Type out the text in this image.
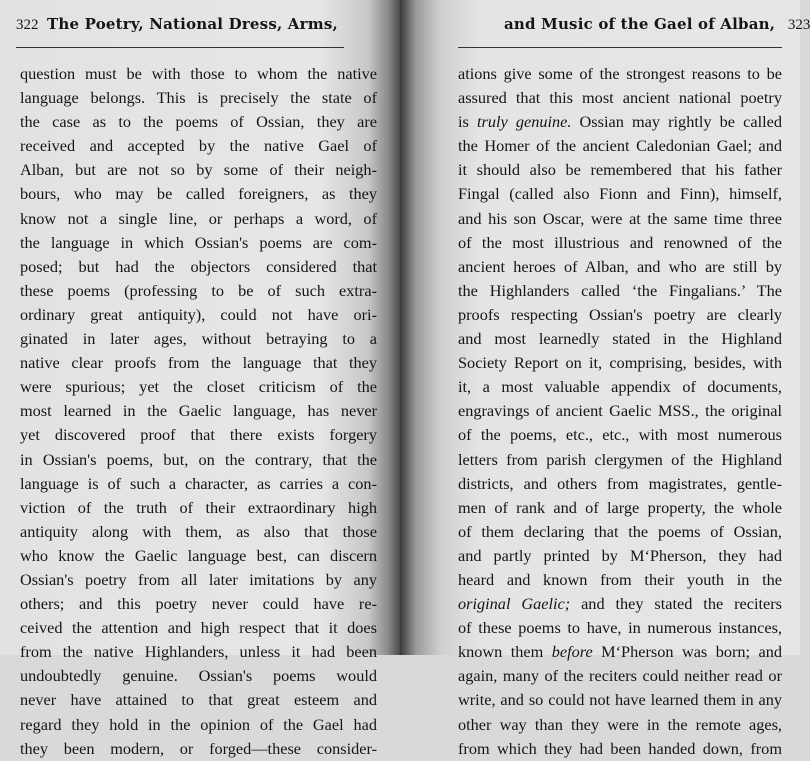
322 The Poetry, National Dress, Arms,
question must be with those to whom the native
language belongs. This is precisely the state of
the case as to the poems of Ossian, they are
received and accepted by the native Gael of
Alban, but are not so by some of their neigh-
bours, who may be called foreigners, as they
know not a single line, or perhaps a word, of
the language in which Ossian's poems are com-
posed; but had the objectors considered that
these poems (professing to be of such extra-
ordinary great antiquity), could not have ori-
ginated in later ages, without betraying to a
native clear proofs from the language that they
were spurious; yet the closet criticism of the
most learned in the Gaelic language, has never
yet discovered proof that there exists forgery
in Ossian's poems, but, on the contrary, that the
language is of such a character, as carries a con-
viction of the truth of their extraordinary high
antiquity along with them, as also that those
who know the Gaelic language best, can discern
Ossian's poetry from all later imitations by any
others; and this poetry never could have re-
ceived the attention and high respect that it does
from the native Highlanders, unless it had been
undoubtedly genuine. Ossian's poems would
never have attained to that great esteem and
regard they hold in the opinion of the Gael had
they been modern, or forged—these consider-
and Music of the Gael of Alban, 323
ations give some of the strongest reasons to be
assured that this most ancient national poetry
is truly genuine. Ossian may rightly be called
the Homer of the ancient Caledonian Gael; and
it should also be remembered that his father
Fingal (called also Fionn and Finn), himself,
and his son Oscar, were at the same time three
of the most illustrious and renowned of the
ancient heroes of Alban, and who are still by
the Highlanders called ‘the Fingalians.’ The
proofs respecting Ossian's poetry are clearly
and most learnedly stated in the Highland
Society Report on it, comprising, besides, with
it, a most valuable appendix of documents,
engravings of ancient Gaelic MSS., the original
of the poems, etc., etc., with most numerous
letters from parish clergymen of the Highland
districts, and others from magistrates, gentle-
men of rank and of large property, the whole
of them declaring that the poems of Ossian,
and partly printed by M‘Pherson, they had
heard and known from their youth in the
original Gaelic; and they stated the reciters
of these poems to have, in numerous instances,
known them before M‘Pherson was born; and
again, many of the reciters could neither read or
write, and so could not have learned them in any
other way than they were in the remote ages,
from which they had been handed down, from
